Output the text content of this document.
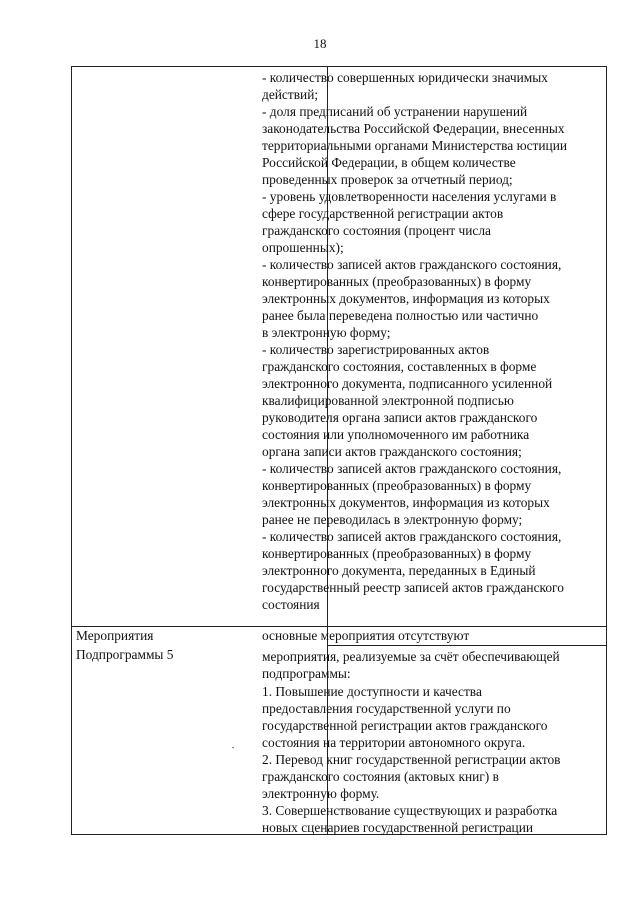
18
- количество совершенных юридически значимых
действий;
- доля предписаний об устранении нарушений
законодательства Российской Федерации, внесенных
территориальными органами Министерства юстиции
Российской Федерации, в общем количестве
проведенных проверок за отчетный период;
- уровень удовлетворенности населения услугами в
сфере государственной регистрации актов
гражданского состояния (процент числа
опрошенных);
- количество записей актов гражданского состояния,
конвертированных (преобразованных) в форму
электронных документов, информация из которых
ранее была переведена полностью или частично
в электронную форму;
- количество зарегистрированных актов
гражданского состояния, составленных в форме
электронного документа, подписанного усиленной
квалифицированной электронной подписью
руководителя органа записи актов гражданского
состояния или уполномоченного им работника
органа записи актов гражданского состояния;
- количество записей актов гражданского состояния,
конвертированных (преобразованных) в форму
электронных документов, информация из которых
ранее не переводилась в электронную форму;
- количество записей актов гражданского состояния,
конвертированных (преобразованных) в форму
электронного документа, переданных в Единый
государственный реестр записей актов гражданского
состояния
Мероприятия
Подпрограммы 5
основные мероприятия отсутствуют
мероприятия, реализуемые за счёт обеспечивающей
подпрограммы:
1. Повышение доступности и качества
предоставления государственной услуги по
государственной регистрации актов гражданского
состояния на территории автономного округа.
2. Перевод книг государственной регистрации актов
гражданского состояния (актовых книг) в
электронную форму.
3. Совершенствование существующих и разработка
новых сценариев государственной регистрации
